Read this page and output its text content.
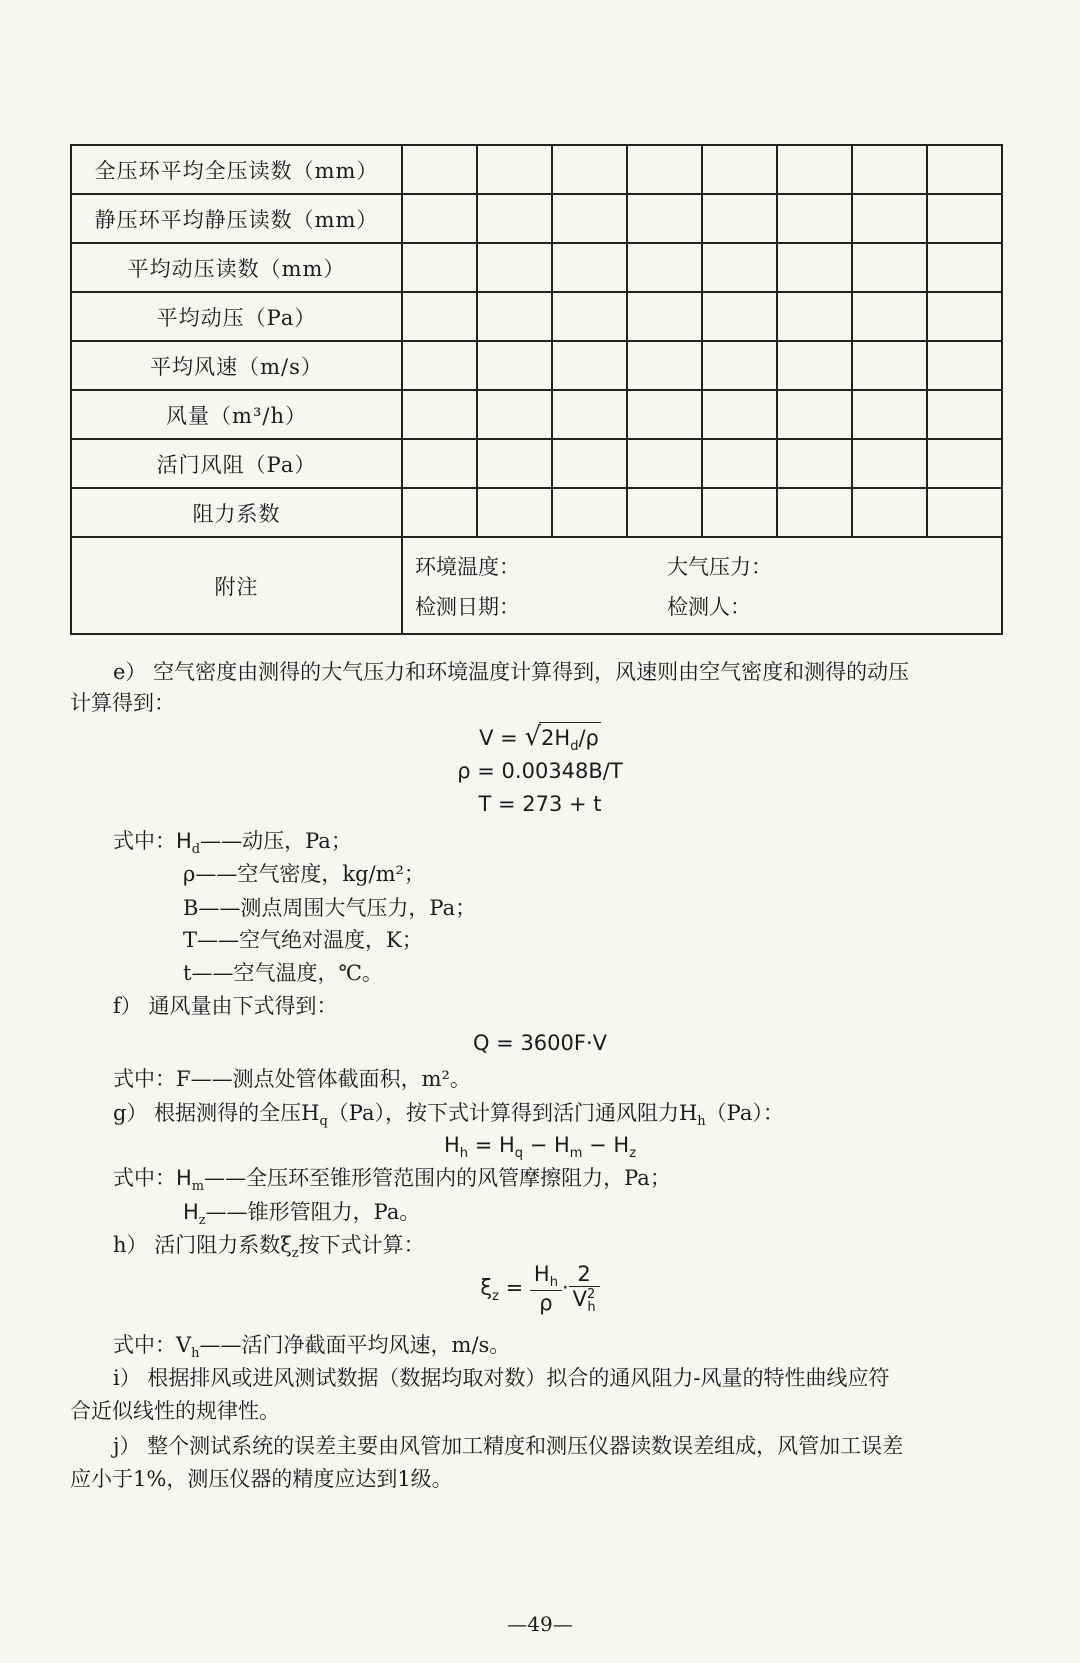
全压环平均全压读数（mm）								
静压环平均静压读数（mm）								
平均动压读数（mm）								
平均动压（Pa）								
平均风速（m/s）								
风量（m³/h）								
活门风阻（Pa）								
阻力系数								
附注	环境温度： 大气压力：
检测日期： 检测人：							
e） 空气密度由测得的大气压力和环境温度计算得到，风速则由空气密度和测得的动压
计算得到：
$V = √2H_d/\rho$
ρ = 0.00348B/T
T = 273 + t
式中：$H_d——$动压，Pa；
ρ——空气密度，kg/m²；
B——测点周围大气压力，Pa；
T——空气绝对温度，K；
t——空气温度，℃。
f） 通风量由下式得到：
Q = 3600F·V
式中：F——测点处管体截面积，m²。
g） 根据测得的全压$H_q(Pa)$，按下式计算得到活门通风阻力$H_h(Pa)$：
$H_h = H_q - H_m - H_z$
式中：$H_m——$全压环至锥形管范围内的风管摩擦阻力，Pa；
$H_z——$锥形管阻力，Pa。
h） 活门阻力系数$\xi_z$按下式计算：
$\xi_z = \frac{H_h}{\rho} \cdot \frac{2}{V^2_h}$
式中：$V_h——$活门净截面平均风速，m/s。
i） 根据排风或进风测试数据（数据均取对数）拟合的通风阻力-风量的特性曲线应符
合近似线性的规律性。
j） 整个测试系统的误差主要由风管加工精度和测压仪器读数误差组成，风管加工误差
应小于1%，测压仪器的精度应达到1级。
—49—
